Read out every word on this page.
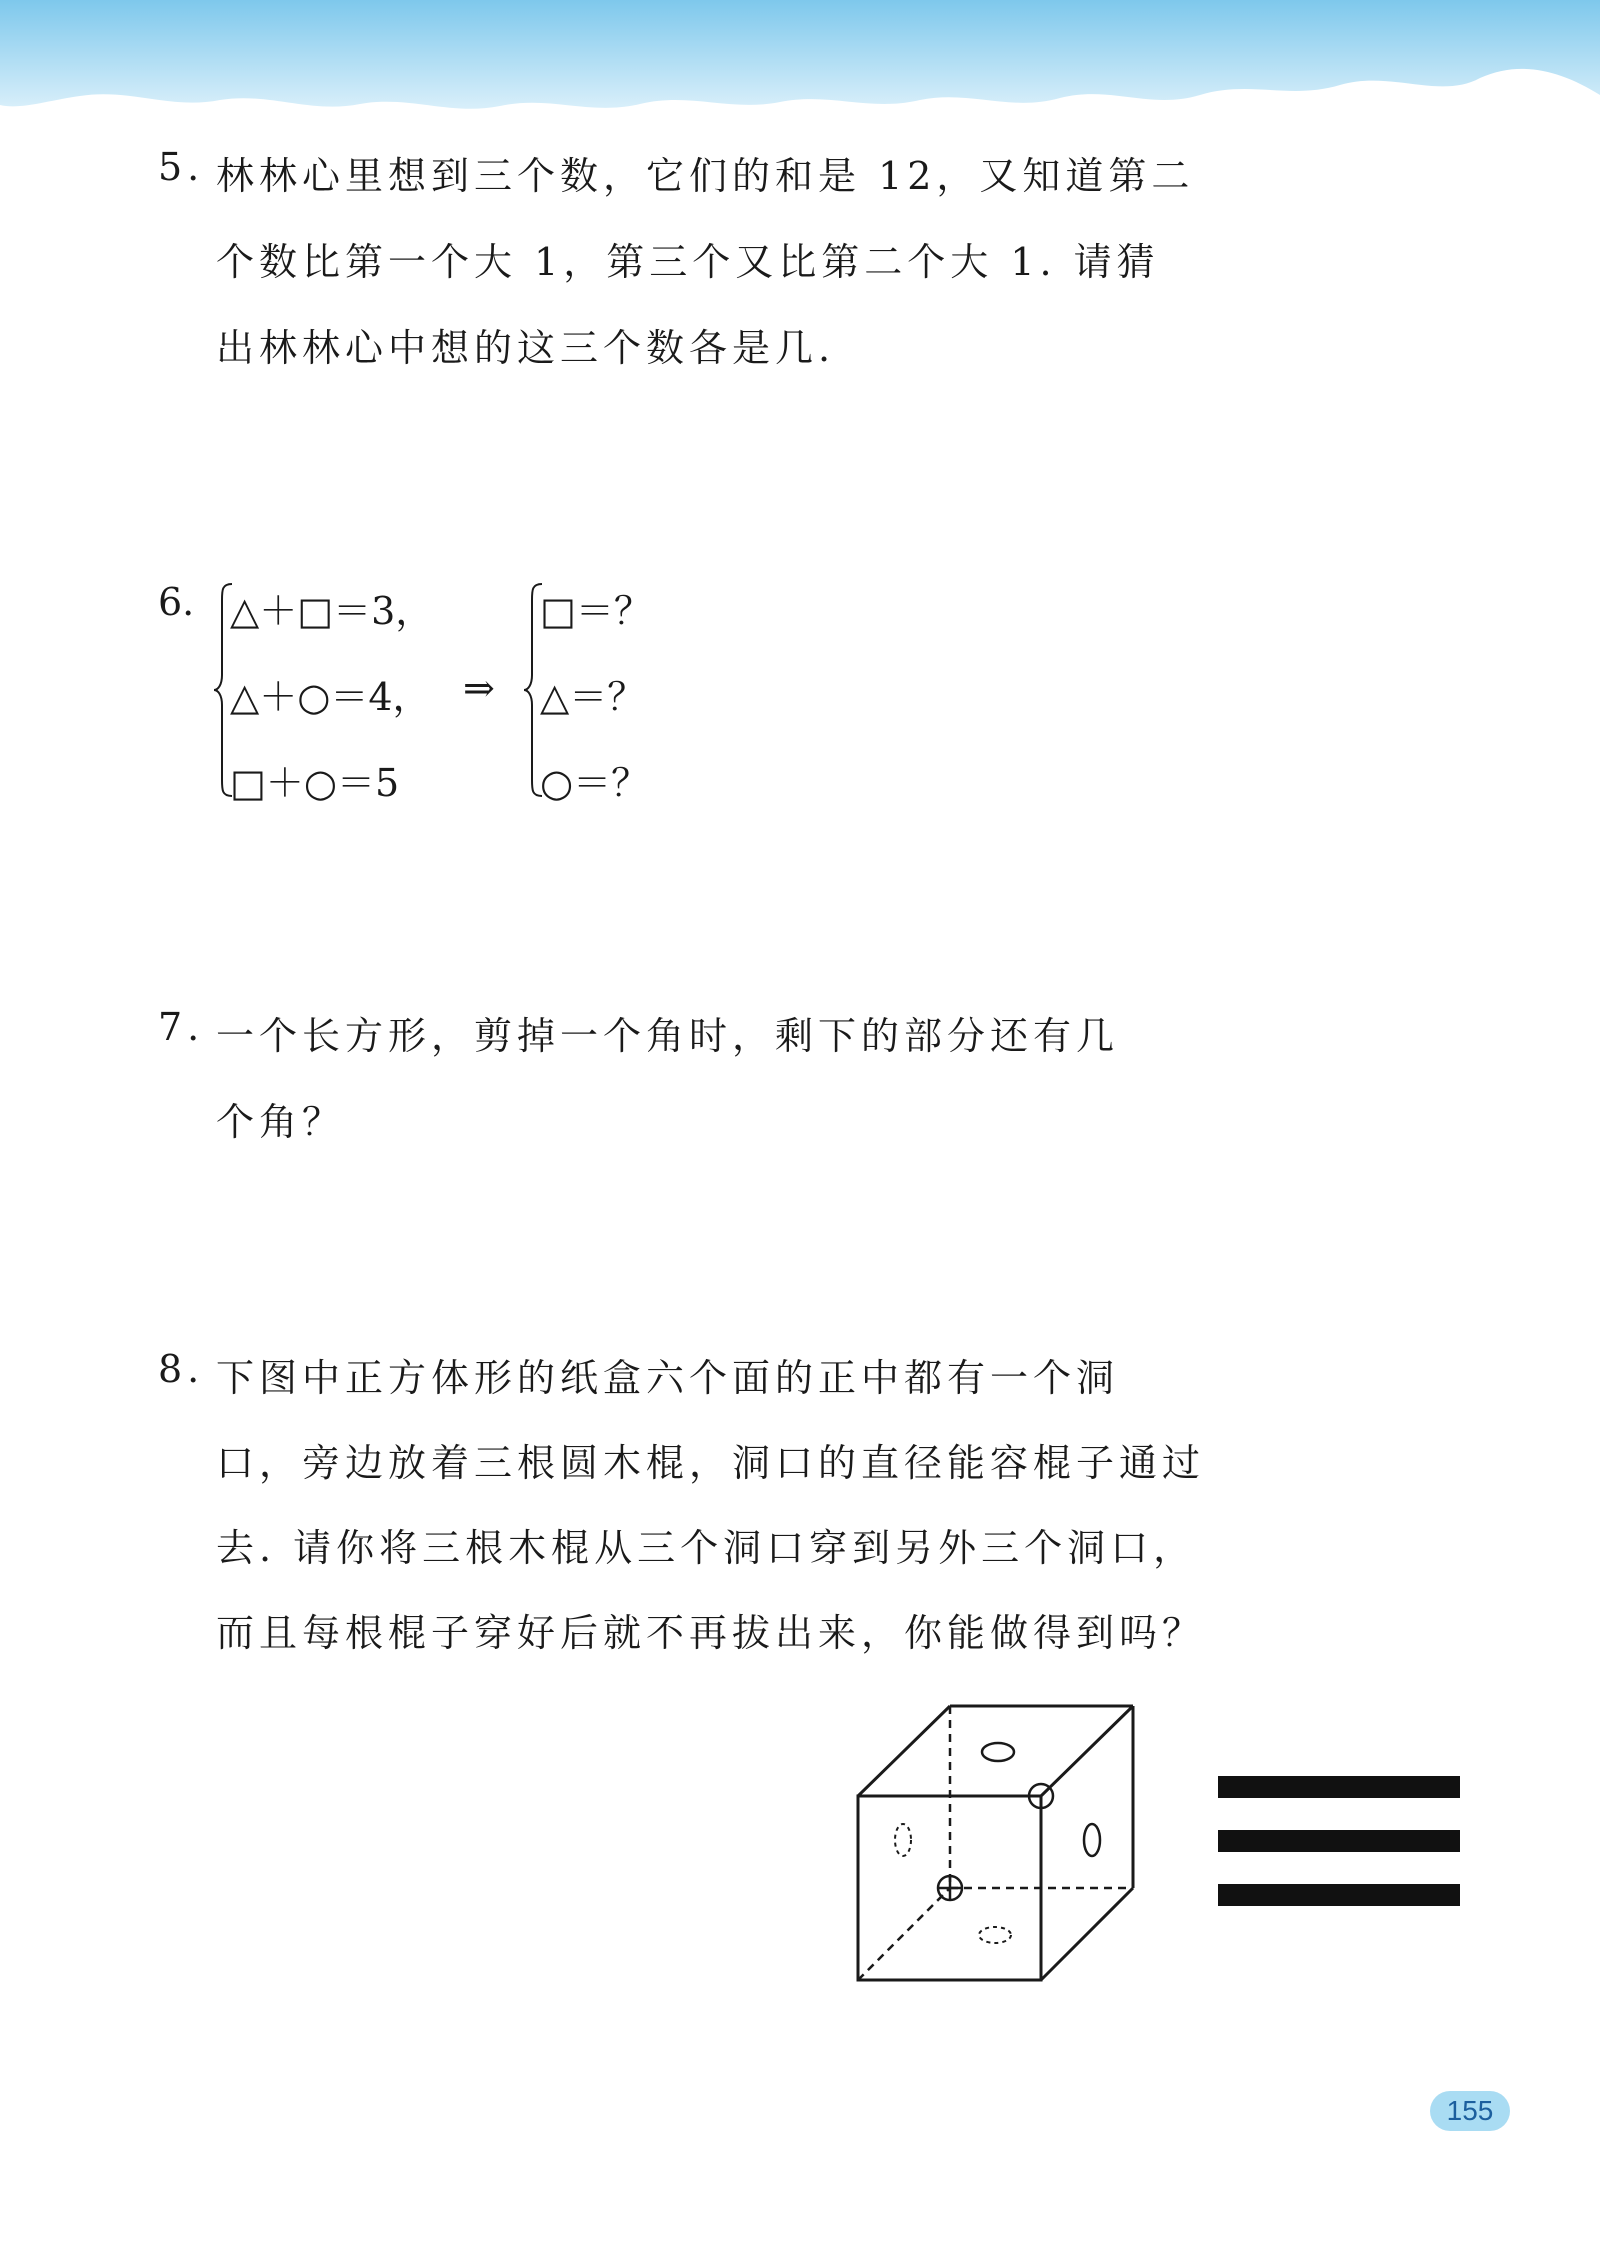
5. 林林心里想到三个数，它们的和是 12，又知道第二
个数比第一个大 1，第三个又比第二个大 1. 请猜
出林林心中想的这三个数各是几.
6. △＋□＝3，
△＋○＝4，
□＋○＝5
⇒
□＝？
△＝？
○＝？
7. 一个长方形，剪掉一个角时，剩下的部分还有几
个角？
8. 下图中正方体形的纸盒六个面的正中都有一个洞
口，旁边放着三根圆木棍，洞口的直径能容棍子通过
去. 请你将三根木棍从三个洞口穿到另外三个洞口，
而且每根棍子穿好后就不再拔出来，你能做得到吗？
155
